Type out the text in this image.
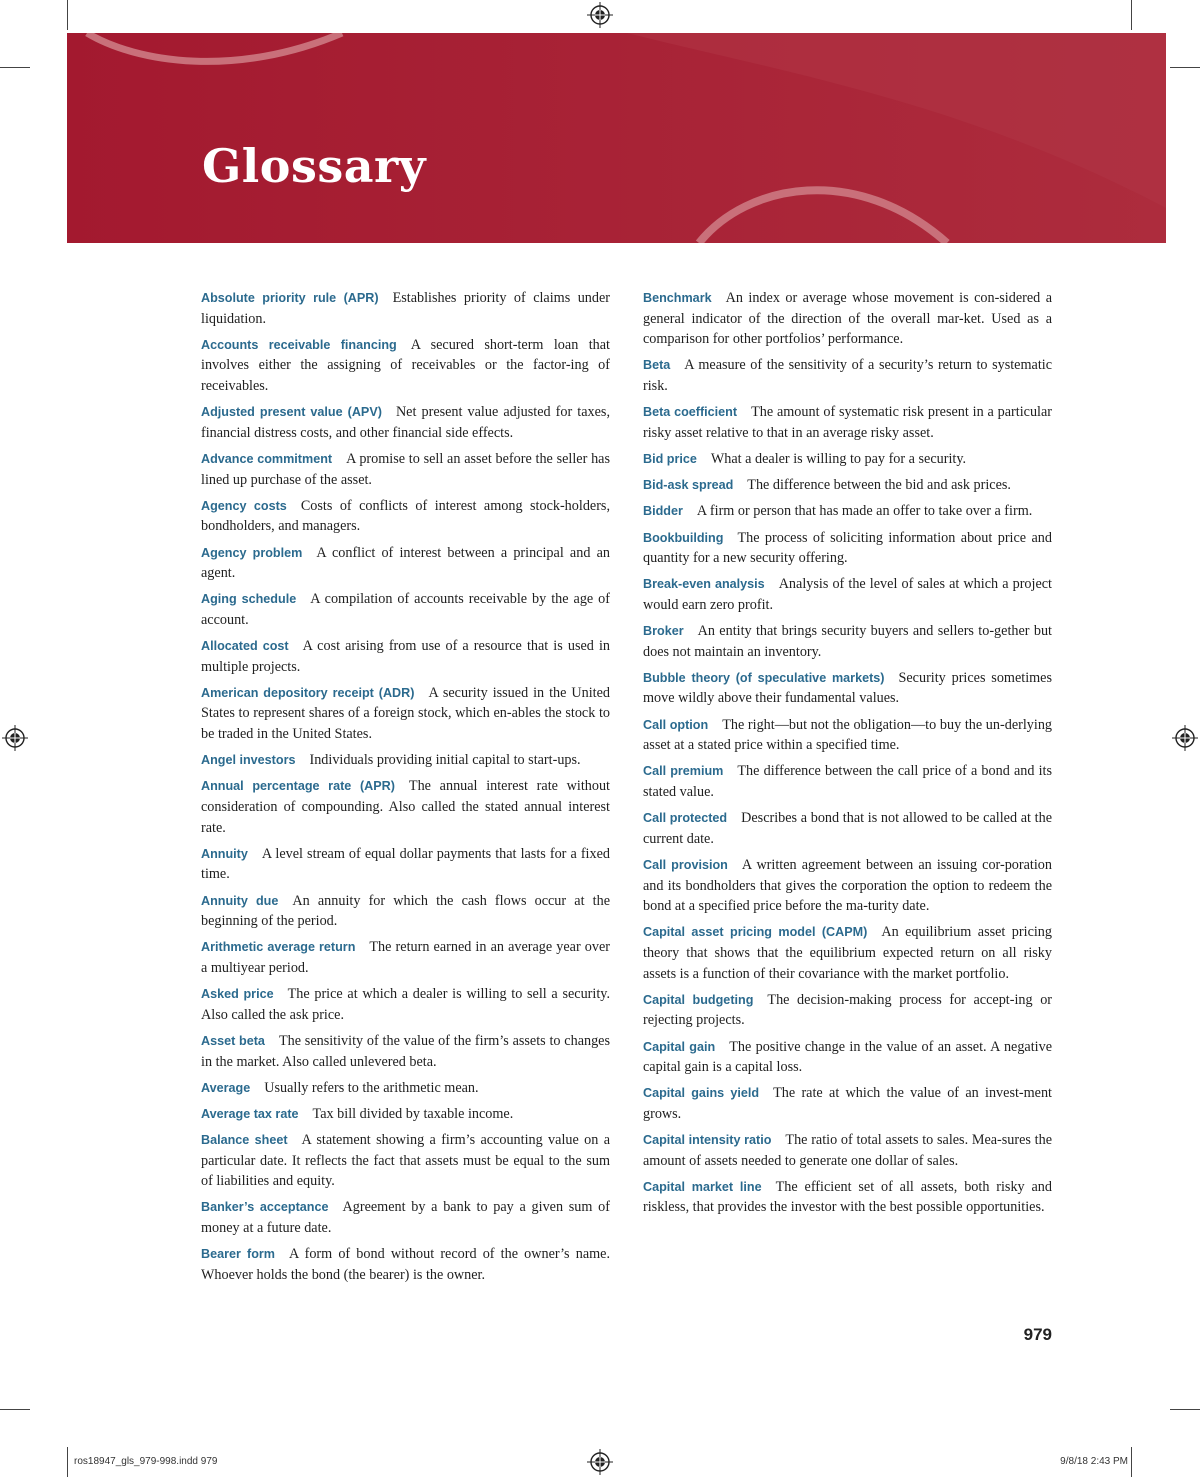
Glossary

Absolute priority rule (APR) Establishes priority of claims under liquidation.

Accounts receivable financing A secured short-term loan that involves either the assigning of receivables or the factor-ing of receivables.

Adjusted present value (APV) Net present value adjusted for taxes, financial distress costs, and other financial side effects.

Advance commitment A promise to sell an asset before the seller has lined up purchase of the asset.

Agency costs Costs of conflicts of interest among stock-holders, bondholders, and managers.

Agency problem A conflict of interest between a principal and an agent.

Aging schedule A compilation of accounts receivable by the age of account.

Allocated cost A cost arising from use of a resource that is used in multiple projects.

American depository receipt (ADR) A security issued in the United States to represent shares of a foreign stock, which en-ables the stock to be traded in the United States.

Angel investors Individuals providing initial capital to start-ups.

Annual percentage rate (APR) The annual interest rate without consideration of compounding. Also called the stated annual interest rate.

Annuity A level stream of equal dollar payments that lasts for a fixed time.

Annuity due An annuity for which the cash flows occur at the beginning of the period.

Arithmetic average return The return earned in an average year over a multiyear period.

Asked price The price at which a dealer is willing to sell a security. Also called the ask price.

Asset beta The sensitivity of the value of the firm’s assets to changes in the market. Also called unlevered beta.

Average Usually refers to the arithmetic mean.

Average tax rate Tax bill divided by taxable income.

Balance sheet A statement showing a firm’s accounting value on a particular date. It reflects the fact that assets must be equal to the sum of liabilities and equity.

Banker’s acceptance Agreement by a bank to pay a given sum of money at a future date.

Bearer form A form of bond without record of the owner’s name. Whoever holds the bond (the bearer) is the owner.

Benchmark An index or average whose movement is con-sidered a general indicator of the direction of the overall mar-ket. Used as a comparison for other portfolios’ performance.

Beta A measure of the sensitivity of a security’s return to systematic risk.

Beta coefficient The amount of systematic risk present in a particular risky asset relative to that in an average risky asset.

Bid price What a dealer is willing to pay for a security.

Bid-ask spread The difference between the bid and ask prices.

Bidder A firm or person that has made an offer to take over a firm.

Bookbuilding The process of soliciting information about price and quantity for a new security offering.

Break-even analysis Analysis of the level of sales at which a project would earn zero profit.

Broker An entity that brings security buyers and sellers to-gether but does not maintain an inventory.

Bubble theory (of speculative markets) Security prices sometimes move wildly above their fundamental values.

Call option The right—but not the obligation—to buy the un-derlying asset at a stated price within a specified time.

Call premium The difference between the call price of a bond and its stated value.

Call protected Describes a bond that is not allowed to be called at the current date.

Call provision A written agreement between an issuing cor-poration and its bondholders that gives the corporation the option to redeem the bond at a specified price before the ma-turity date.

Capital asset pricing model (CAPM) An equilibrium asset pricing theory that shows that the equilibrium expected return on all risky assets is a function of their covariance with the market portfolio.

Capital budgeting The decision-making process for accept-ing or rejecting projects.

Capital gain The positive change in the value of an asset. A negative capital gain is a capital loss.

Capital gains yield The rate at which the value of an invest-ment grows.

Capital intensity ratio The ratio of total assets to sales. Mea-sures the amount of assets needed to generate one dollar of sales.

Capital market line The efficient set of all assets, both risky and riskless, that provides the investor with the best possible opportunities.

979
ros18947_gls_979-998.indd 979	9/8/18 2:43 PM
